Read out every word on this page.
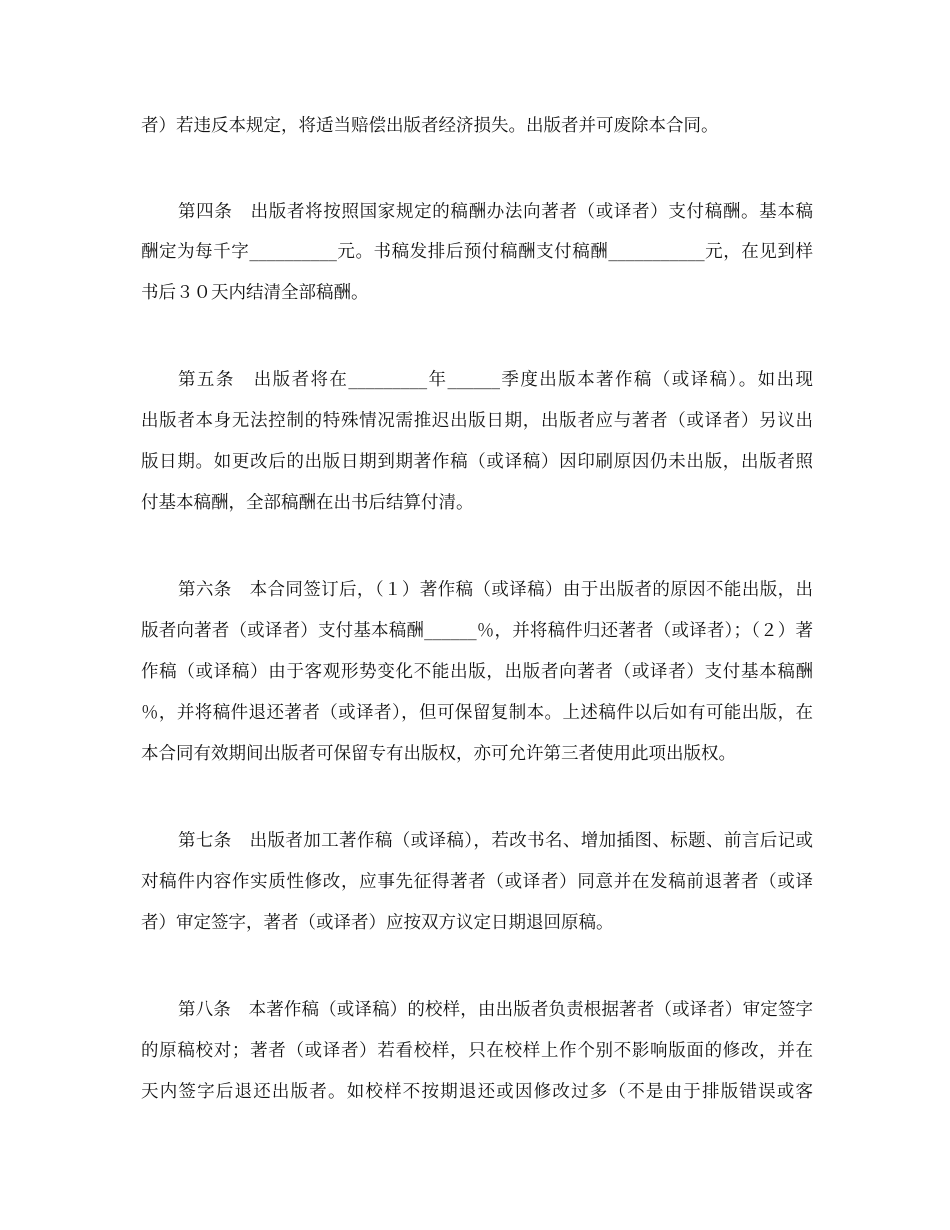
者）若违反本规定，将适当赔偿出版者经济损失。出版者并可废除本合同。
第四条　出版者将按照国家规定的稿酬办法向著者（或译者）支付稿酬。基本稿
酬定为每千字__________元。书稿发排后预付稿酬支付稿酬___________元，在见到样
书后３０天内结清全部稿酬。
第五条　出版者将在_________年______季度出版本著作稿（或译稿）。如出现
出版者本身无法控制的特殊情况需推迟出版日期，出版者应与著者（或译者）另议出
版日期。如更改后的出版日期到期著作稿（或译稿）因印刷原因仍未出版，出版者照
付基本稿酬，全部稿酬在出书后结算付清。
第六条　本合同签订后，（１）著作稿（或译稿）由于出版者的原因不能出版，出
版者向著者（或译者）支付基本稿酬______％，并将稿件归还著者（或译者）；（２）著
作稿（或译稿）由于客观形势变化不能出版，出版者向著者（或译者）支付基本稿酬
％，并将稿件退还著者（或译者），但可保留复制本。上述稿件以后如有可能出版，在
本合同有效期间出版者可保留专有出版权，亦可允许第三者使用此项出版权。
第七条　出版者加工著作稿（或译稿），若改书名、增加插图、标题、前言后记或
对稿件内容作实质性修改，应事先征得著者（或译者）同意并在发稿前退著者（或译
者）审定签字，著者（或译者）应按双方议定日期退回原稿。
第八条　本著作稿（或译稿）的校样，由出版者负责根据著者（或译者）审定签字
的原稿校对；著者（或译者）若看校样，只在校样上作个别不影响版面的修改，并在
天内签字后退还出版者。如校样不按期退还或因修改过多（不是由于排版错误或客
